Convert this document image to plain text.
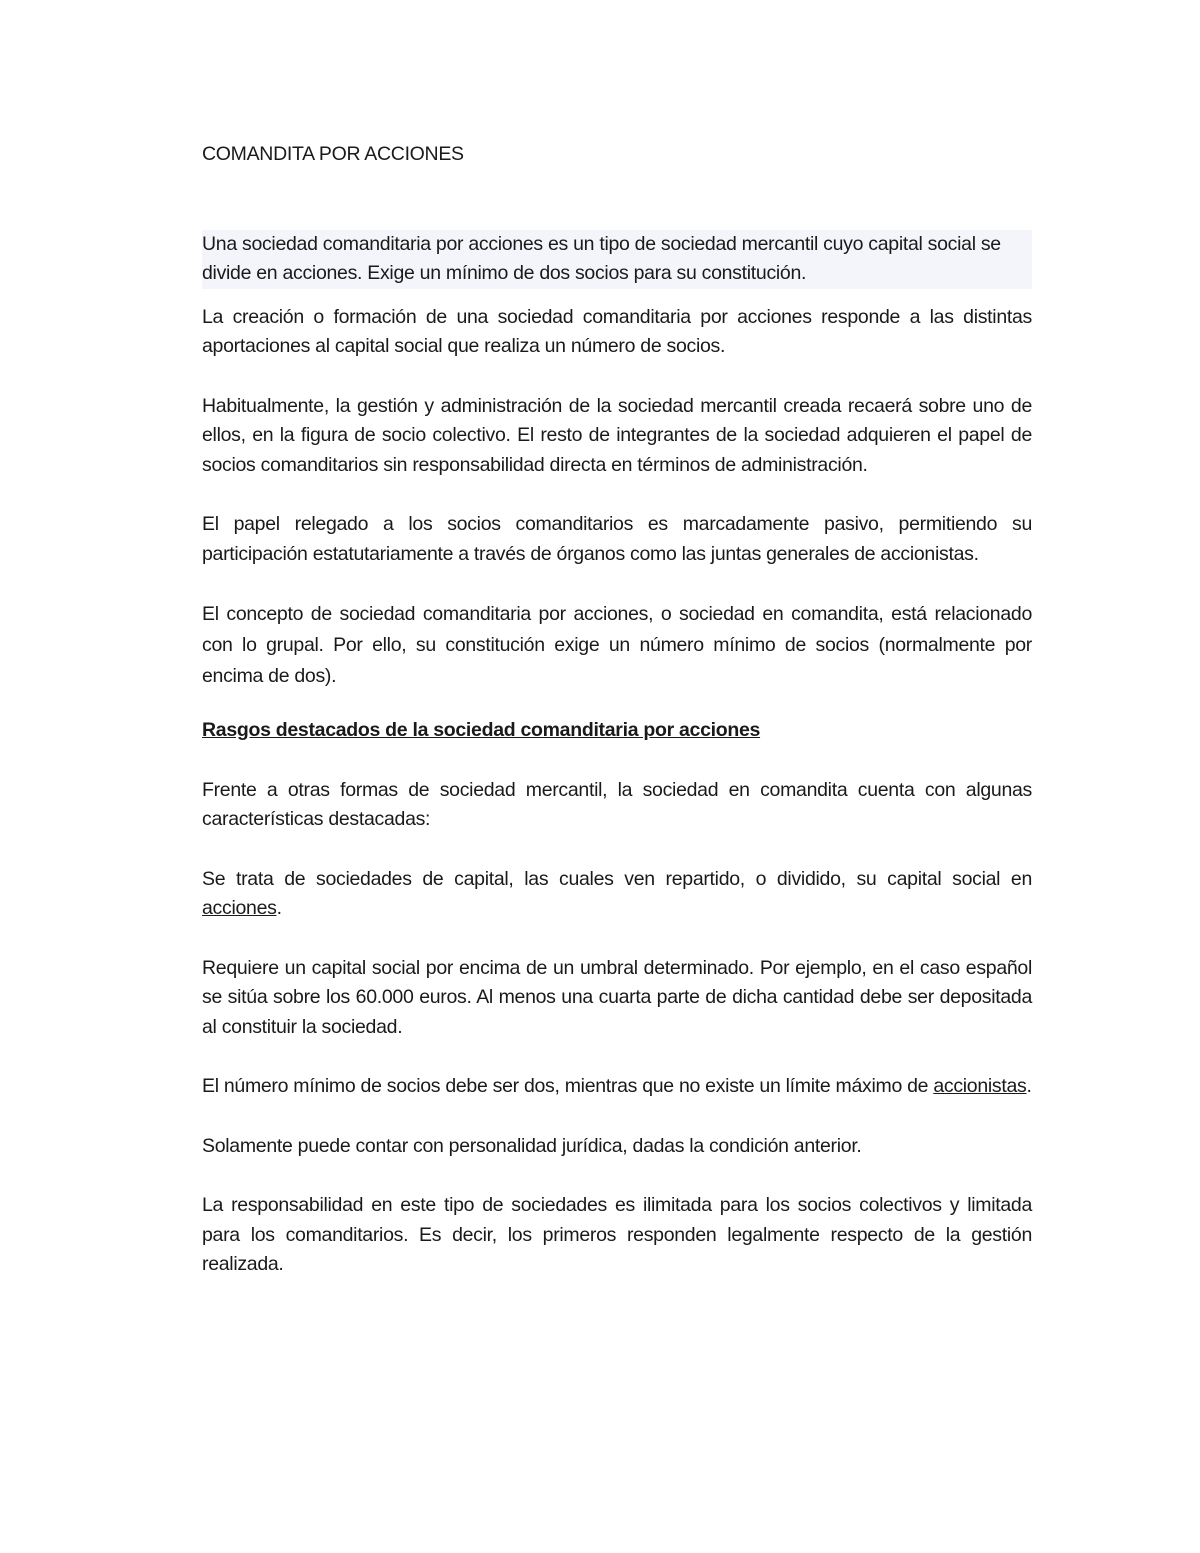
COMANDITA POR ACCIONES

Una sociedad comanditaria por acciones es un tipo de sociedad mercantil cuyo capital social se divide en acciones. Exige un mínimo de dos socios para su constitución.

La creación o formación de una sociedad comanditaria por acciones responde a las distintas aportaciones al capital social que realiza un número de socios.

Habitualmente, la gestión y administración de la sociedad mercantil creada recaerá sobre uno de ellos, en la figura de socio colectivo. El resto de integrantes de la sociedad adquieren el papel de socios comanditarios sin responsabilidad directa en términos de administración.

El papel relegado a los socios comanditarios es marcadamente pasivo, permitiendo su participación estatutariamente a través de órganos como las juntas generales de accionistas.

El concepto de sociedad comanditaria por acciones, o sociedad en comandita, está relacionado con lo grupal. Por ello, su constitución exige un número mínimo de socios (normalmente por encima de dos).

Rasgos destacados de la sociedad comanditaria por acciones

Frente a otras formas de sociedad mercantil, la sociedad en comandita cuenta con algunas características destacadas:

Se trata de sociedades de capital, las cuales ven repartido, o dividido, su capital social en acciones.

Requiere un capital social por encima de un umbral determinado. Por ejemplo, en el caso español se sitúa sobre los 60.000 euros. Al menos una cuarta parte de dicha cantidad debe ser depositada al constituir la sociedad.

El número mínimo de socios debe ser dos, mientras que no existe un límite máximo de accionistas.

Solamente puede contar con personalidad jurídica, dadas la condición anterior.

La responsabilidad en este tipo de sociedades es ilimitada para los socios colectivos y limitada para los comanditarios. Es decir, los primeros responden legalmente respecto de la gestión realizada.
